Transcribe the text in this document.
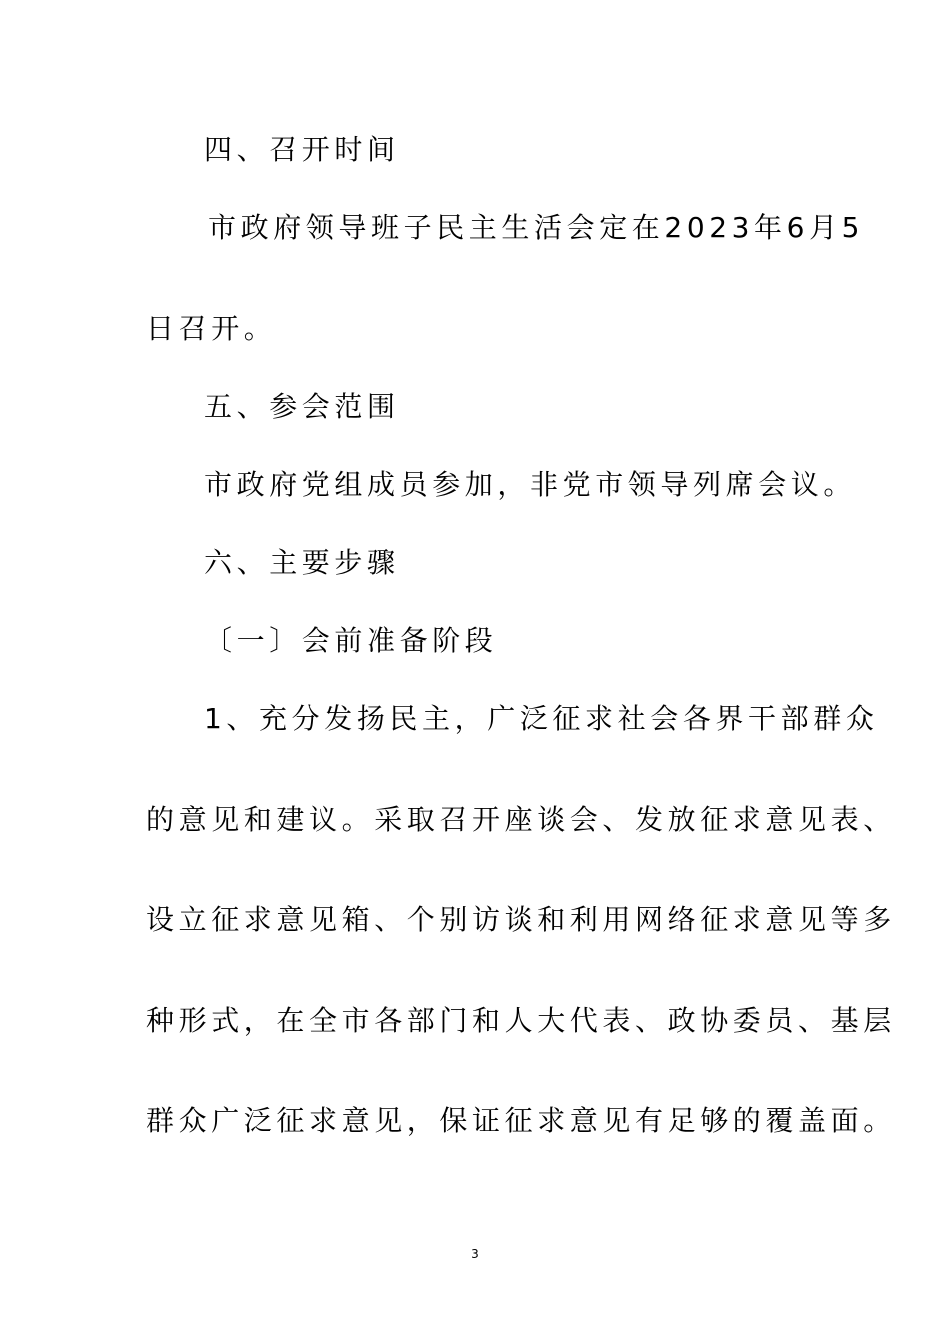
四、召开时间
市政府领导班子民主生活会定在2023年6月5
日召开。
五、参会范围
市政府党组成员参加，非党市领导列席会议。
六、主要步骤
〔一〕会前准备阶段
1、充分发扬民主，广泛征求社会各界干部群众
的意见和建议。采取召开座谈会、发放征求意见表、
设立征求意见箱、个别访谈和利用网络征求意见等多
种形式，在全市各部门和人大代表、政协委员、基层
群众广泛征求意见，保证征求意见有足够的覆盖面。
3
